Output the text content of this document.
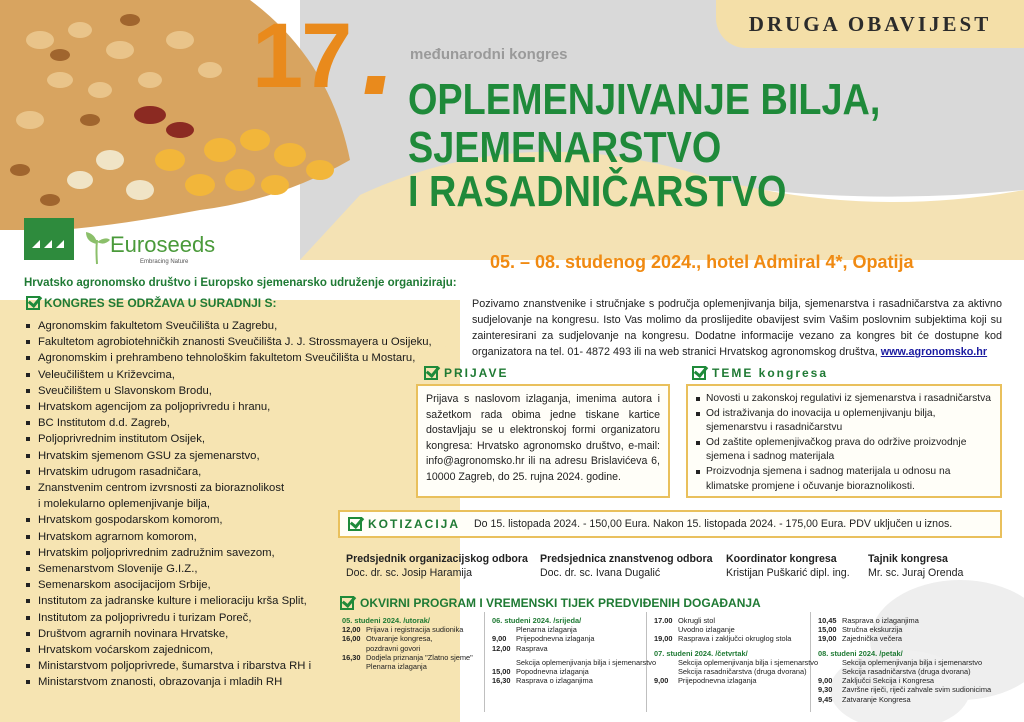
DRUGA OBAVIJEST
17	međunarodni kongres
OPLEMENJIVANJE BILJA,
SJEMENARSTVO
I RASADNIČARSTVO
05. – 08. studenog 2024., hotel Admiral 4*, Opatija
Euroseeds
Embracing Nature
Hrvatsko agronomsko društvo i Europsko sjemenarsko udruženje organiziraju:
KONGRES SE ODRŽAVA U SURADNJI S:
Agronomskim fakultetom Sveučilišta u Zagrebu,
Fakultetom agrobiotehničkih znanosti Sveučilišta J. J. Strossmayera u Osijeku,
Agronomskim i prehrambeno tehnološkim fakultetom Sveučilišta u Mostaru,
Veleučilištem u Križevcima,
Sveučilištem u Slavonskom Brodu,
Hrvatskom agencijom za poljoprivredu i hranu,
BC Institutom d.d. Zagreb,
Poljoprivrednim institutom Osijek,
Hrvatskim sjemenom GSU za sjemenarstvo,
Hrvatskim udrugom rasadničara,
Znanstvenim centrom izvrsnosti za bioraznolikost
i molekularno oplemenjivanje bilja,
Hrvatskom gospodarskom komorom,
Hrvatskom agrarnom komorom,
Hrvatskim poljoprivrednim zadružnim savezom,
Semenarstvom Slovenije G.I.Z.,
Semenarskom asocijacijom Srbije,
Institutom za jadranske kulture i melioraciju krša Split,
Institutom za poljoprivredu i turizam Poreč,
Društvom agrarnih novinara Hrvatske,
Hrvatskom voćarskom zajednicom,
Ministarstvom poljoprivrede, šumarstva i ribarstva RH i
Ministarstvom znanosti, obrazovanja i mladih RH
Pozivamo znanstvenike i stručnjake s područja oplemenjivanja bilja, sjemenarstva i rasadničarstva za aktivno sudjelovanje na kongresu. Isto Vas molimo da proslijedite obavijest svim Vašim poslovnim subjektima koji su zainteresirani za sudjelovanje na kongresu. Dodatne informacije vezano za kongres bit će dostupne kod organizatora na tel. 01- 4872 493 ili na web stranici Hrvatskog agronomskog društva, www.agronomsko.hr
PRIJAVE
Prijava s naslovom izlaganja, imenima autora i sažetkom rada obima jedne tiskane kartice dostavljaju se u elektronskoj formi organizatoru kongresa: Hrvatsko agronomsko društvo, e-mail: info@agronomsko.hr ili na adresu Brislavićeva 6, 10000 Zagreb, do 25. rujna 2024. godine.
TEME kongresa
Novosti u zakonskoj regulativi iz sjemenarstva i rasadničarstva
Od istraživanja do inovacija u oplemenjivanju bilja, sjemenarstvu i rasadničarstvu
Od zaštite oplemenjivačkog prava do održive proizvodnje sjemena i sadnog materijala
Proizvodnja sjemena i sadnog materijala u odnosu na klimatske promjene i očuvanje bioraznolikosti.
KOTIZACIJA Do 15. listopada 2024. - 150,00 Eura. Nakon 15. listopada 2024. - 175,00 Eura. PDV uključen u iznos.
Predsjednik organizacijskog odbora
Doc. dr. sc. Josip Haramija
Predsjednica znanstvenog odbora
Doc. dr. sc. Ivana Dugalić
Koordinator kongresa
Kristijan Puškarić dipl. ing.
Tajnik kongresa
Mr. sc. Juraj Orenda
OKVIRNI PROGRAM I VREMENSKI TIJEK PREDVIĐENIH DOGAĐANJA
05. studeni 2024. /utorak/
12,00 Prijava i registracija sudionika
16,00 Otvaranje kongresa,
pozdravni govori
16,30 Dodjela priznanja "Zlatno sjeme"
Plenarna izlaganja
06. studeni 2024. /srijeda/
Plenarna izlaganja
9,00	Prijepodnevna izlaganja
12,00 Rasprava
Sekcija oplemenjivanja bilja i sjemenarstvo
15,00 Popodnevna izlaganja
16,30 Rasprava o izlaganjima
17.00 Okrugli stol
Uvodno izlaganje
19,00 Rasprava i zaključci okruglog stola
07. studeni 2024. /četvrtak/
Sekcija oplemenjivanja bilja i sjemenarstvo
Sekcija rasadničarstva (druga dvorana)
9,00	Prijepodnevna izlaganja
10,45 Rasprava o izlaganjima
15,00 Stručna ekskurzija
19,00 Zajednička večera
08. studeni 2024. /petak/
Sekcija oplemenjivanja bilja i sjemenarstvo
Sekcija rasadničarstva (druga dvorana)
9,00	Zaključci Sekcija i Kongresa
9,30	Završne riječi, riječi zahvale svim sudionicima
9,45	Zatvaranje Kongresa
